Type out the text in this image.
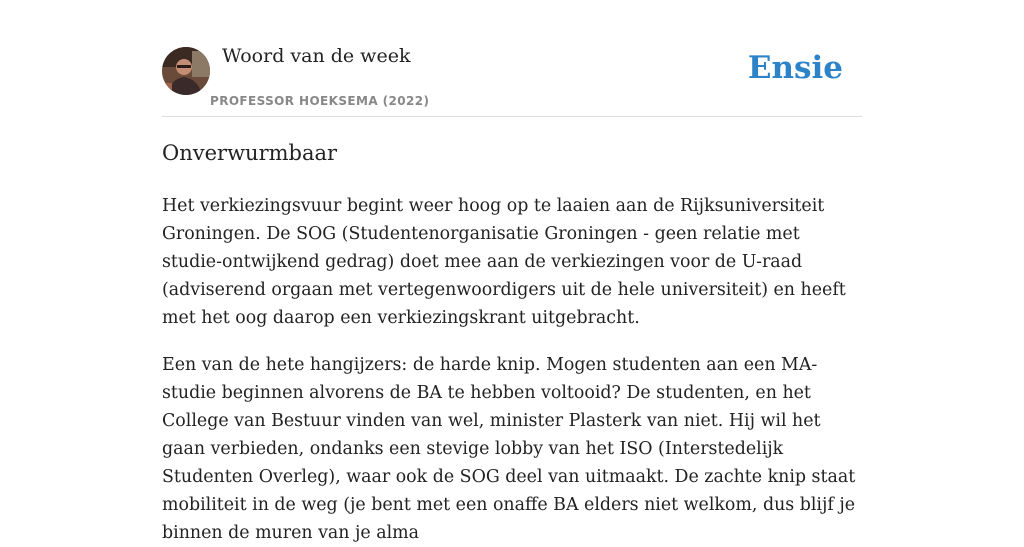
Woord van de week
PROFESSOR HOEKSEMA (2022)
Ensie
Onverwurmbaar

Het verkiezingsvuur begint weer hoog op te laaien aan de Rijksuniversiteit Groningen. De SOG (Studentenorganisatie Groningen - geen relatie met studie-ontwijkend gedrag) doet mee aan de verkiezingen voor de U-raad (adviserend orgaan met vertegenwoordigers uit de hele universiteit) en heeft met het oog daarop een verkiezingskrant uitgebracht.

Een van de hete hangijzers: de harde knip. Mogen studenten aan een MA-studie beginnen alvorens de BA te hebben voltooid? De studenten, en het College van Bestuur vinden van wel, minister Plasterk van niet. Hij wil het gaan verbieden, ondanks een stevige lobby van het ISO (Interstedelijk Studenten Overleg), waar ook de SOG deel van uitmaakt. De zachte knip staat mobiliteit in de weg (je bent met een onaffe BA elders niet welkom, dus blijf je binnen de muren van je alma
